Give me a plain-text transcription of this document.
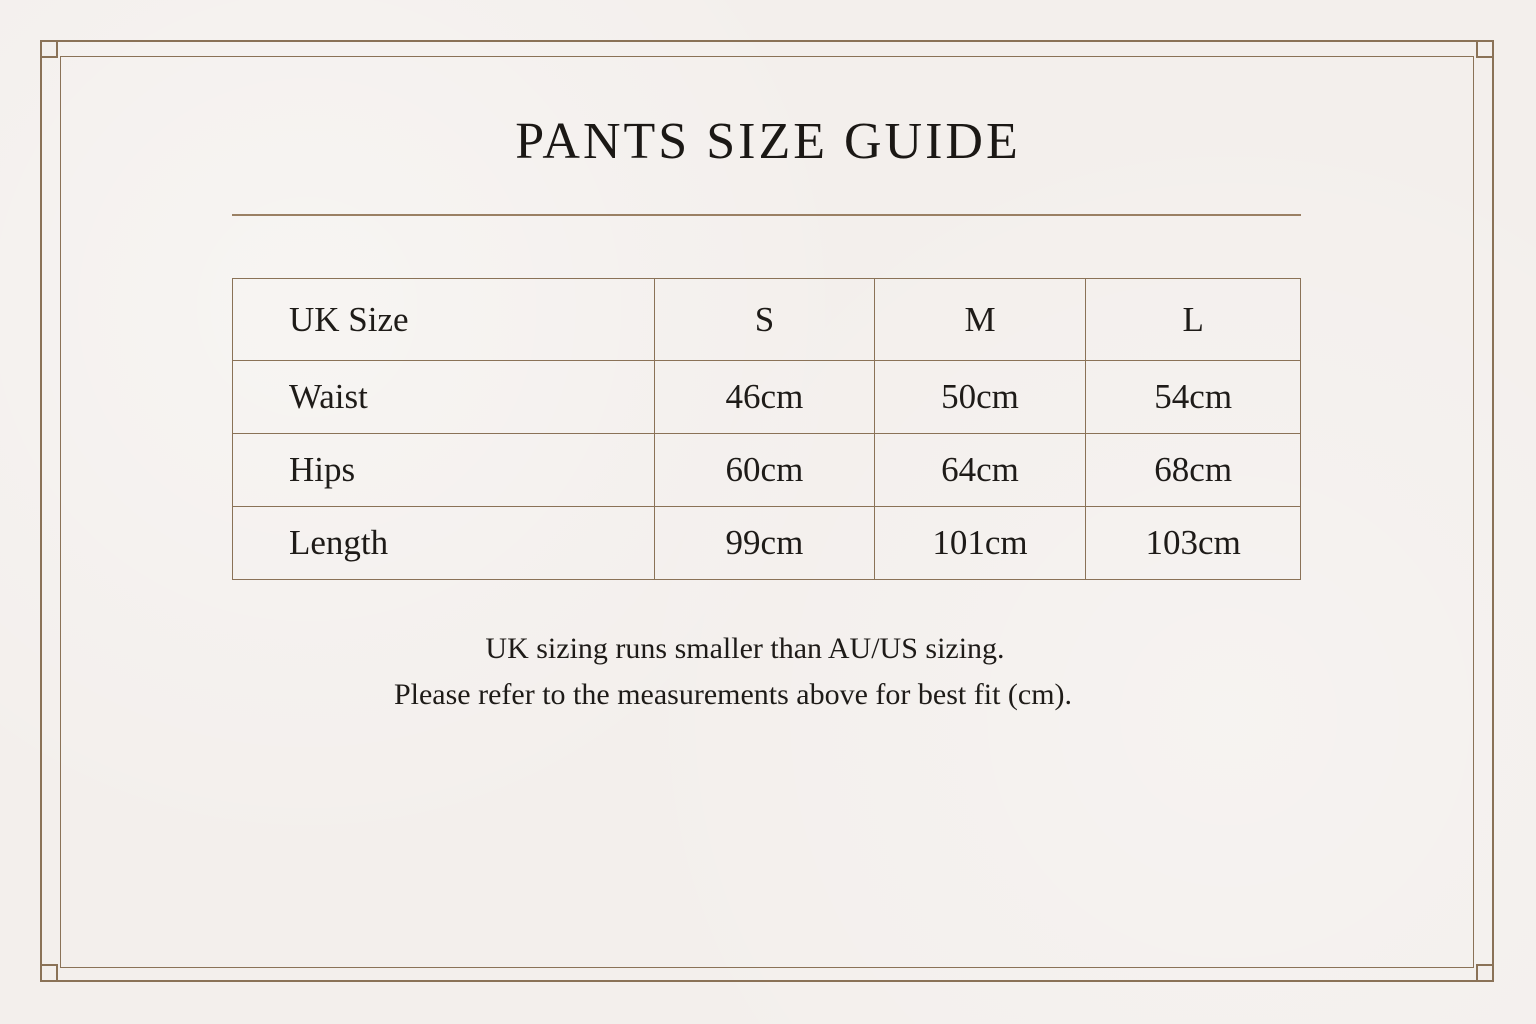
PANTS SIZE GUIDE
UK Size	S	M	L
Waist	46cm	50cm	54cm
Hips	60cm	64cm	68cm
Length	99cm	101cm	103cm

UK sizing runs smaller than AU/US sizing.

Please refer to the measurements above for best fit (cm).
